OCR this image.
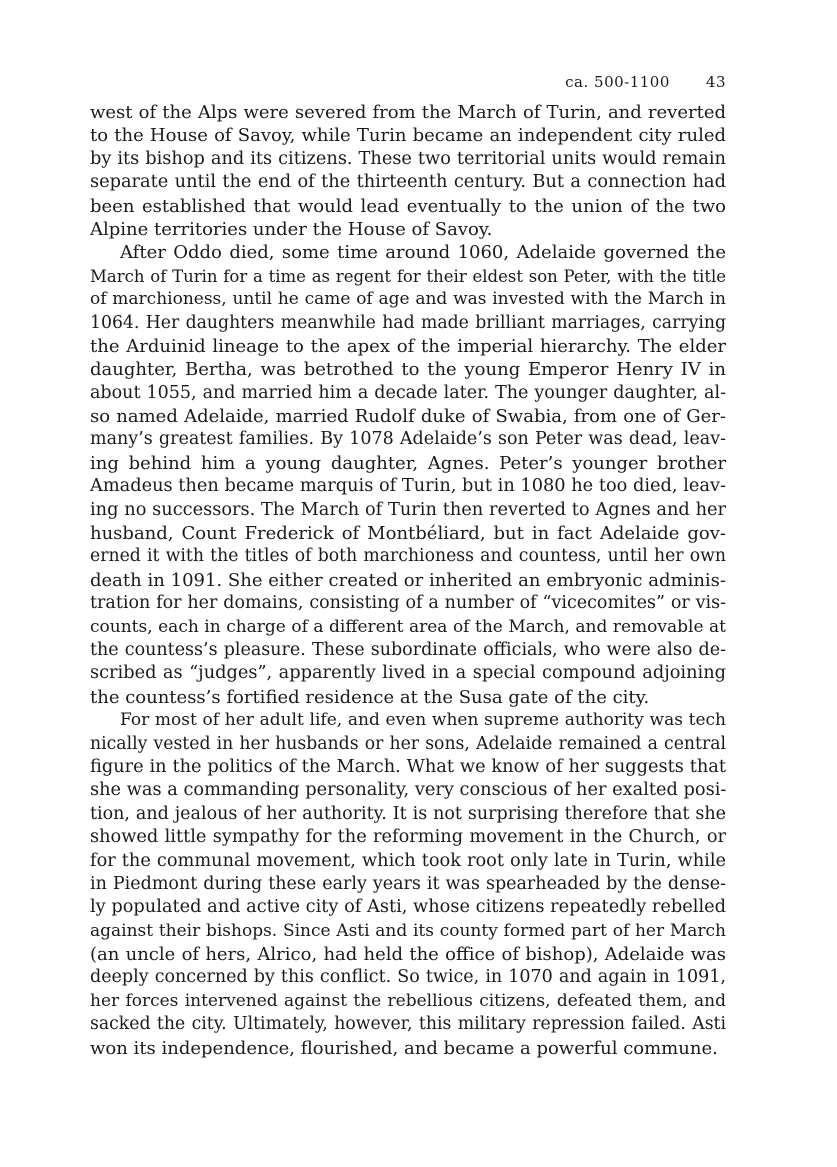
ca. 500-1100 43

west of the Alps were severed from the March of Turin, and reverted
to the House of Savoy, while Turin became an independent city ruled
by its bishop and its citizens. These two territorial units would remain
separate until the end of the thirteenth century. But a connection had
been established that would lead eventually to the union of the two
Alpine territories under the House of Savoy.

After Oddo died, some time around 1060, Adelaide governed the
March of Turin for a time as regent for their eldest son Peter, with the title
of marchioness, until he came of age and was invested with the March in
1064. Her daughters meanwhile had made brilliant marriages, carrying
the Arduinid lineage to the apex of the imperial hierarchy. The elder
daughter, Bertha, was betrothed to the young Emperor Henry IV in
about 1055, and married him a decade later. The younger daughter, al-
so named Adelaide, married Rudolf duke of Swabia, from one of Ger-
many’s greatest families. By 1078 Adelaide’s son Peter was dead, leav-
ing behind him a young daughter, Agnes. Peter’s younger brother
Amadeus then became marquis of Turin, but in 1080 he too died, leav-
ing no successors. The March of Turin then reverted to Agnes and her
husband, Count Frederick of Montbéliard, but in fact Adelaide gov-
erned it with the titles of both marchioness and countess, until her own
death in 1091. She either created or inherited an embryonic adminis-
tration for her domains, consisting of a number of “vicecomites” or vis-
counts, each in charge of a different area of the March, and removable at
the countess’s pleasure. These subordinate officials, who were also de-
scribed as “judges”, apparently lived in a special compound adjoining
the countess’s fortified residence at the Susa gate of the city.

For most of her adult life, and even when supreme authority was tech
nically vested in her husbands or her sons, Adelaide remained a central
figure in the politics of the March. What we know of her suggests that
she was a commanding personality, very conscious of her exalted posi-
tion, and jealous of her authority. It is not surprising therefore that she
showed little sympathy for the reforming movement in the Church, or
for the communal movement, which took root only late in Turin, while
in Piedmont during these early years it was spearheaded by the dense-
ly populated and active city of Asti, whose citizens repeatedly rebelled
against their bishops. Since Asti and its county formed part of her March
(an uncle of hers, Alrico, had held the office of bishop), Adelaide was
deeply concerned by this conflict. So twice, in 1070 and again in 1091,
her forces intervened against the rebellious citizens, defeated them, and
sacked the city. Ultimately, however, this military repression failed. Asti
won its independence, flourished, and became a powerful commune.
